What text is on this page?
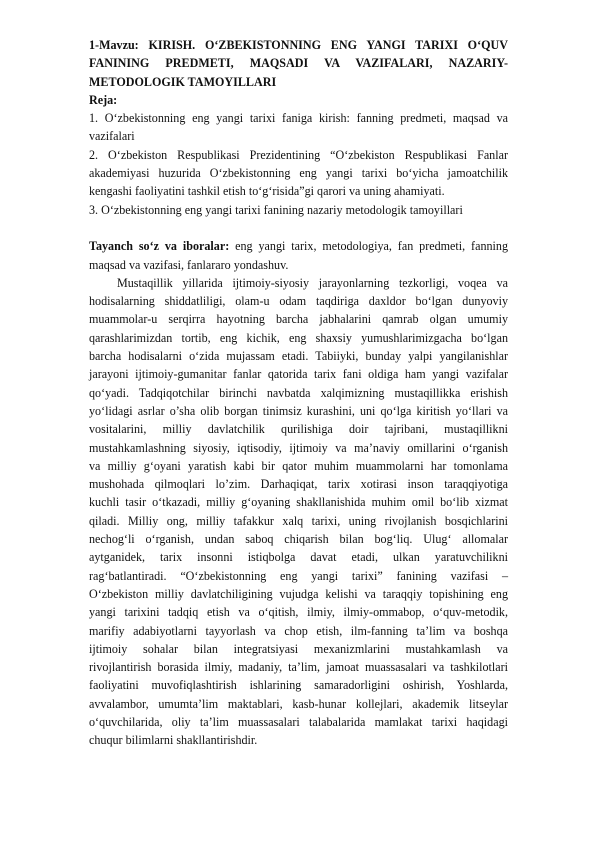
1-Mavzu: KIRISH. O‘ZBEKISTONNING ENG YANGI TARIXI O‘QUV
FANINING PREDMETI, MAQSADI VA VAZIFALARI, NAZARIY-
METODOLOGIK TAMOYILLARI
Reja:
1. O‘zbekistonning eng yangi tarixi faniga kirish: fanning predmeti, maqsad va
vazifalari
2. O‘zbekiston Respublikasi Prezidentining “O‘zbekiston Respublikasi Fanlar
akademiyasi huzurida O‘zbekistonning eng yangi tarixi bo‘yicha jamoatchilik
kengashi faoliyatini tashkil etish to‘g‘risida”gi qarori va uning ahamiyati.
3. O‘zbekistonning eng yangi tarixi fanining nazariy metodologik tamoyillari
Tayanch so‘z va iboralar: eng yangi tarix, metodologiya, fan predmeti, fanning
maqsad va vazifasi, fanlararo yondashuv.
Mustaqillik yillarida ijtimoiy-siyosiy jarayonlarning tezkorligi, voqea va
hodisalarning shiddatliligi, olam-u odam taqdiriga daxldor bo‘lgan dunyoviy
muammolar-u serqirra hayotning barcha jabhalarini qamrab olgan umumiy
qarashlarimizdan tortib, eng kichik, eng shaxsiy yumushlarimizgacha bo‘lgan
barcha hodisalarni o‘zida mujassam etadi. Tabiiyki, bunday yalpi yangilanishlar
jarayoni ijtimoiy-gumanitar fanlar qatorida tarix fani oldiga ham yangi vazifalar
qo‘yadi. Tadqiqotchilar birinchi navbatda xalqimizning mustaqillikka erishish
yo‘lidagi asrlar o’sha olib borgan tinimsiz kurashini, uni qo‘lga kiritish yo‘llari va
vositalarini, milliy davlatchilik qurilishiga doir tajribani, mustaqillikni
mustahkamlashning siyosiy, iqtisodiy, ijtimoiy va ma’naviy omillarini o‘rganish
va milliy g‘oyani yaratish kabi bir qator muhim muammolarni har tomonlama
mushohada qilmoqlari lo’zim. Darhaqiqat, tarix xotirasi inson taraqqiyotiga
kuchli tasir o‘tkazadi, milliy g‘oyaning shakllanishida muhim omil bo‘lib xizmat
qiladi. Milliy ong, milliy tafakkur xalq tarixi, uning rivojlanish bosqichlarini
nechog‘li o‘rganish, undan saboq chiqarish bilan bog‘liq. Ulug‘ allomalar
aytganidek, tarix insonni istiqbolga davat etadi, ulkan yaratuvchilikni
rag‘batlantiradi. “O‘zbekistonning eng yangi tarixi” fanining vazifasi –
O‘zbekiston milliy davlatchiligining vujudga kelishi va taraqqiy topishining eng
yangi tarixini tadqiq etish va o‘qitish, ilmiy, ilmiy-ommabop, o‘quv-metodik,
marifiy adabiyotlarni tayyorlash va chop etish, ilm-fanning ta’lim va boshqa
ijtimoiy sohalar bilan integratsiyasi mexanizmlarini mustahkamlash va
rivojlantirish borasida ilmiy, madaniy, ta’lim, jamoat muassasalari va tashkilotlari
faoliyatini muvofiqlashtirish ishlarining samaradorligini oshirish, Yoshlarda,
avvalambor, umumta’lim maktablari, kasb-hunar kollejlari, akademik litseylar
o‘quvchilarida, oliy ta’lim muassasalari talabalarida mamlakat tarixi haqidagi
chuqur bilimlarni shakllantirishdir.
